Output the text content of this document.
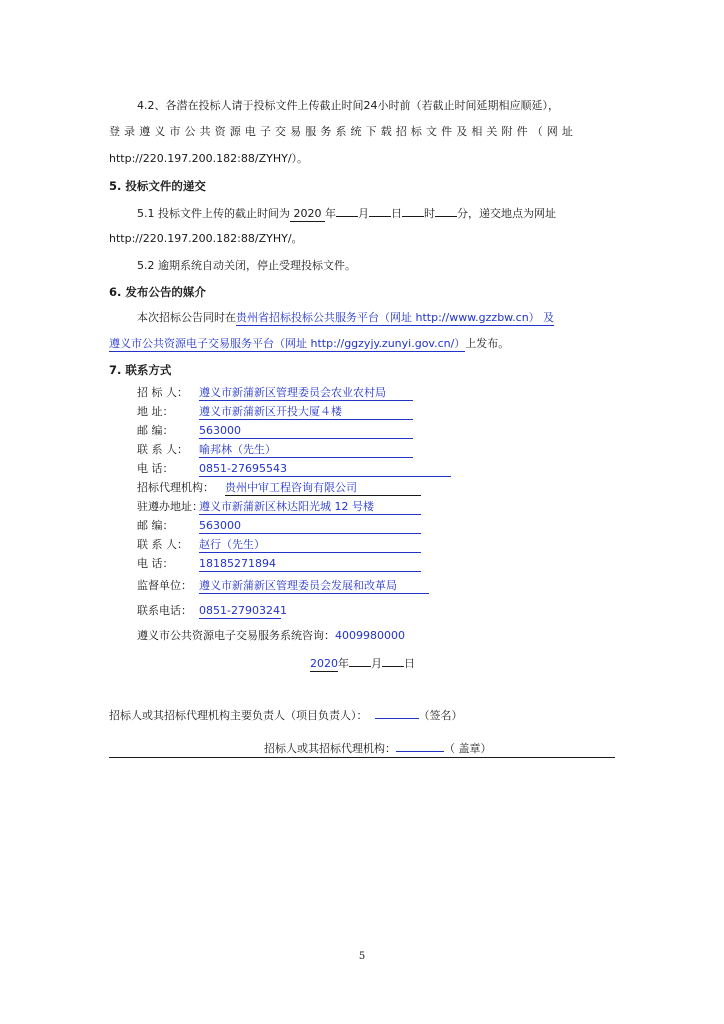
4.2、各潜在投标人请于投标文件上传截止时间24小时前（若截止时间延期相应顺延），
登 录 遵 义 市 公 共 资 源 电 子 交 易 服 务 系 统 下 载 招 标 文 件 及 相 关 附 件 （ 网 址
http://220.197.200.182:88/ZYHY/）。
5. 投标文件的递交
5.1 投标文件上传的截止时间为 2020 年 月 日 时 分，递交地点为网址
http://220.197.200.182:88/ZYHY/。
5.2 逾期系统自动关闭，停止受理投标文件。
6. 发布公告的媒介
本次招标公告同时在贵州省招标投标公共服务平台（网址 http://www.gzzbw.cn） 及
遵义市公共资源电子交易服务平台（网址 http://ggzyjy.zunyi.gov.cn/）上发布。
7. 联系方式
招 标 人： 遵义市新蒲新区管理委员会农业农村局
地 址： 遵义市新蒲新区开投大厦４楼
邮 编：563000
联 系 人： 喻邦林（先生）
电 话：0851-27695543
招标代理机构： 贵州中审工程咨询有限公司
驻遵办地址：遵义市新蒲新区林达阳光城 12 号楼
邮 编： 563000
联 系 人： 赵行（先生）
电 话： 18185271894
监督单位： 遵义市新蒲新区管理委员会发展和改革局
联系电话： 0851-27903241
遵义市公共资源电子交易服务系统咨询：4009980000
2020年 月 日
招标人或其招标代理机构主要负责人（项目负责人）：	（签名）
招标人或其招标代理机构：	（ 盖章）
5
